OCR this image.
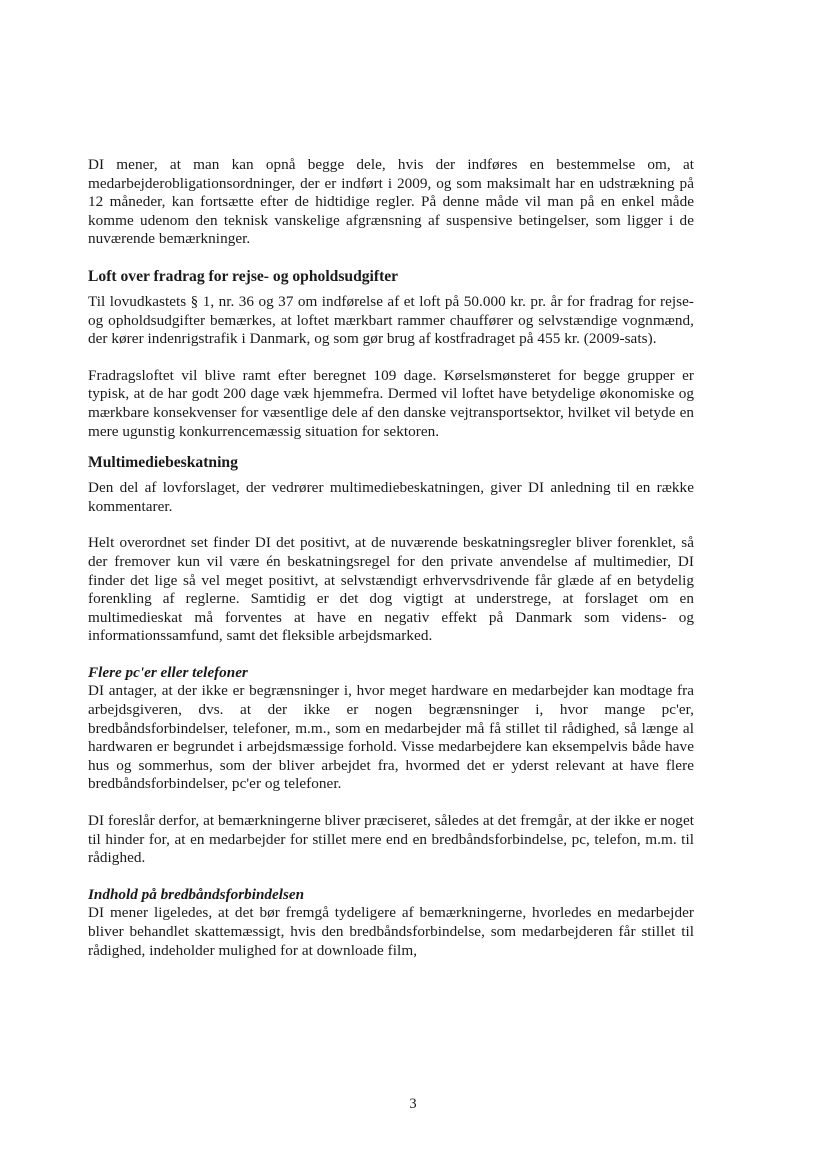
DI mener, at man kan opnå begge dele, hvis der indføres en bestemmelse om, at medarbejderobligationsordninger, der er indført i 2009, og som maksimalt har en udstrækning på 12 måneder, kan fortsætte efter de hidtidige regler. På denne måde vil man på en enkel måde komme udenom den teknisk vanskelige afgrænsning af suspensive betingelser, som ligger i de nuværende bemærkninger.

Loft over fradrag for rejse- og opholdsudgifter

Til lovudkastets § 1, nr. 36 og 37 om indførelse af et loft på 50.000 kr. pr. år for fradrag for rejse- og opholdsudgifter bemærkes, at loftet mærkbart rammer chauffører og selvstændige vognmænd, der kører indenrigstrafik i Danmark, og som gør brug af kostfradraget på 455 kr. (2009-sats).

Fradragsloftet vil blive ramt efter beregnet 109 dage. Kørselsmønsteret for begge grupper er typisk, at de har godt 200 dage væk hjemmefra. Dermed vil loftet have betydelige økonomiske og mærkbare konsekvenser for væsentlige dele af den danske vejtransportsektor, hvilket vil betyde en mere ugunstig konkurrencemæssig situation for sektoren.

Multimediebeskatning

Den del af lovforslaget, der vedrører multimediebeskatningen, giver DI anledning til en række kommentarer.

Helt overordnet set finder DI det positivt, at de nuværende beskatningsregler bliver forenklet, så der fremover kun vil være én beskatningsregel for den private anvendelse af multimedier, DI finder det lige så vel meget positivt, at selvstændigt erhvervsdrivende får glæde af en betydelig forenkling af reglerne. Samtidig er det dog vigtigt at understrege, at forslaget om en multimedieskat må forventes at have en negativ effekt på Danmark som videns- og informationssamfund, samt det fleksible arbejdsmarked.

Flere pc'er eller telefoner

DI antager, at der ikke er begrænsninger i, hvor meget hardware en medarbejder kan modtage fra arbejdsgiveren, dvs. at der ikke er nogen begrænsninger i, hvor mange pc'er, bredbåndsforbindelser, telefoner, m.m., som en medarbejder må få stillet til rådighed, så længe al hardwaren er begrundet i arbejdsmæssige forhold. Visse medarbejdere kan eksempelvis både have hus og sommerhus, som der bliver arbejdet fra, hvormed det er yderst relevant at have flere bredbåndsforbindelser, pc'er og telefoner.

DI foreslår derfor, at bemærkningerne bliver præciseret, således at det fremgår, at der ikke er noget til hinder for, at en medarbejder for stillet mere end en bredbåndsforbindelse, pc, telefon, m.m. til rådighed.

Indhold på bredbåndsforbindelsen

DI mener ligeledes, at det bør fremgå tydeligere af bemærkningerne, hvorledes en medarbejder bliver behandlet skattemæssigt, hvis den bredbåndsforbindelse, som medarbejderen får stillet til rådighed, indeholder mulighed for at downloade film,

3
